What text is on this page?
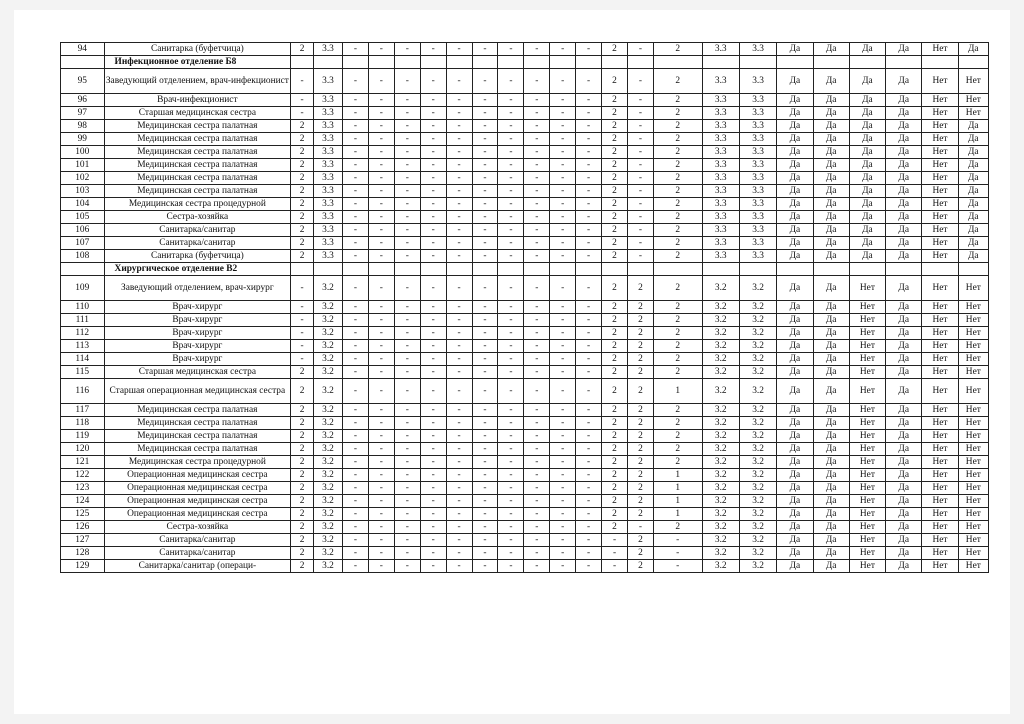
94	Санитарка (буфетчица)	2	3.3	-	-	-	-	-	-	-	-	-	-	2	-	2	3.3	3.3	Да	Да	Да	Да	Нет	Да
	Инфекционное отделение Б8																							
95	Заведующий отделением, врач-инфекционист	-	3.3	-	-	-	-	-	-	-	-	-	-	2	-	2	3.3	3.3	Да	Да	Да	Да	Нет	Нет
96	Врач-инфекционист	-	3.3	-	-	-	-	-	-	-	-	-	-	2	-	2	3.3	3.3	Да	Да	Да	Да	Нет	Нет
97	Старшая медицинская сестра	-	3.3	-	-	-	-	-	-	-	-	-	-	2	-	2	3.3	3.3	Да	Да	Да	Да	Нет	Нет
98	Медицинская сестра палатная	2	3.3	-	-	-	-	-	-	-	-	-	-	2	-	2	3.3	3.3	Да	Да	Да	Да	Нет	Да
99	Медицинская сестра палатная	2	3.3	-	-	-	-	-	-	-	-	-	-	2	-	2	3.3	3.3	Да	Да	Да	Да	Нет	Да
100	Медицинская сестра палатная	2	3.3	-	-	-	-	-	-	-	-	-	-	2	-	2	3.3	3.3	Да	Да	Да	Да	Нет	Да
101	Медицинская сестра палатная	2	3.3	-	-	-	-	-	-	-	-	-	-	2	-	2	3.3	3.3	Да	Да	Да	Да	Нет	Да
102	Медицинская сестра палатная	2	3.3	-	-	-	-	-	-	-	-	-	-	2	-	2	3.3	3.3	Да	Да	Да	Да	Нет	Да
103	Медицинская сестра палатная	2	3.3	-	-	-	-	-	-	-	-	-	-	2	-	2	3.3	3.3	Да	Да	Да	Да	Нет	Да
104	Медицинская сестра процедурной	2	3.3	-	-	-	-	-	-	-	-	-	-	2	-	2	3.3	3.3	Да	Да	Да	Да	Нет	Да
105	Сестра-хозяйка	2	3.3	-	-	-	-	-	-	-	-	-	-	2	-	2	3.3	3.3	Да	Да	Да	Да	Нет	Да
106	Санитарка/санитар	2	3.3	-	-	-	-	-	-	-	-	-	-	2	-	2	3.3	3.3	Да	Да	Да	Да	Нет	Да
107	Санитарка/санитар	2	3.3	-	-	-	-	-	-	-	-	-	-	2	-	2	3.3	3.3	Да	Да	Да	Да	Нет	Да
108	Санитарка (буфетчица)	2	3.3	-	-	-	-	-	-	-	-	-	-	2	-	2	3.3	3.3	Да	Да	Да	Да	Нет	Да
	Хирургическое отделение В2																							
109	Заведующий отделением, врач-хирург	-	3.2	-	-	-	-	-	-	-	-	-	-	2	2	2	3.2	3.2	Да	Да	Нет	Да	Нет	Нет
110	Врач-хирург	-	3.2	-	-	-	-	-	-	-	-	-	-	2	2	2	3.2	3.2	Да	Да	Нет	Да	Нет	Нет
111	Врач-хирург	-	3.2	-	-	-	-	-	-	-	-	-	-	2	2	2	3.2	3.2	Да	Да	Нет	Да	Нет	Нет
112	Врач-хирург	-	3.2	-	-	-	-	-	-	-	-	-	-	2	2	2	3.2	3.2	Да	Да	Нет	Да	Нет	Нет
113	Врач-хирург	-	3.2	-	-	-	-	-	-	-	-	-	-	2	2	2	3.2	3.2	Да	Да	Нет	Да	Нет	Нет
114	Врач-хирург	-	3.2	-	-	-	-	-	-	-	-	-	-	2	2	2	3.2	3.2	Да	Да	Нет	Да	Нет	Нет
115	Старшая медицинская сестра	2	3.2	-	-	-	-	-	-	-	-	-	-	2	2	2	3.2	3.2	Да	Да	Нет	Да	Нет	Нет
116	Старшая операционная медицинская сестра	2	3.2	-	-	-	-	-	-	-	-	-	-	2	2	1	3.2	3.2	Да	Да	Нет	Да	Нет	Нет
117	Медицинская сестра палатная	2	3.2	-	-	-	-	-	-	-	-	-	-	2	2	2	3.2	3.2	Да	Да	Нет	Да	Нет	Нет
118	Медицинская сестра палатная	2	3.2	-	-	-	-	-	-	-	-	-	-	2	2	2	3.2	3.2	Да	Да	Нет	Да	Нет	Нет
119	Медицинская сестра палатная	2	3.2	-	-	-	-	-	-	-	-	-	-	2	2	2	3.2	3.2	Да	Да	Нет	Да	Нет	Нет
120	Медицинская сестра палатная	2	3.2	-	-	-	-	-	-	-	-	-	-	2	2	2	3.2	3.2	Да	Да	Нет	Да	Нет	Нет
121	Медицинская сестра процедурной	2	3.2	-	-	-	-	-	-	-	-	-	-	2	2	2	3.2	3.2	Да	Да	Нет	Да	Нет	Нет
122	Операционная медицинская сестра	2	3.2	-	-	-	-	-	-	-	-	-	-	2	2	1	3.2	3.2	Да	Да	Нет	Да	Нет	Нет
123	Операционная медицинская сестра	2	3.2	-	-	-	-	-	-	-	-	-	-	2	2	1	3.2	3.2	Да	Да	Нет	Да	Нет	Нет
124	Операционная медицинская сестра	2	3.2	-	-	-	-	-	-	-	-	-	-	2	2	1	3.2	3.2	Да	Да	Нет	Да	Нет	Нет
125	Операционная медицинская сестра	2	3.2	-	-	-	-	-	-	-	-	-	-	2	2	1	3.2	3.2	Да	Да	Нет	Да	Нет	Нет
126	Сестра-хозяйка	2	3.2	-	-	-	-	-	-	-	-	-	-	2	-	2	3.2	3.2	Да	Да	Нет	Да	Нет	Нет
127	Санитарка/санитар	2	3.2	-	-	-	-	-	-	-	-	-	-	-	2	-	3.2	3.2	Да	Да	Нет	Да	Нет	Нет
128	Санитарка/санитар	2	3.2	-	-	-	-	-	-	-	-	-	-	-	2	-	3.2	3.2	Да	Да	Нет	Да	Нет	Нет
129	Санитарка/санитар (операци-	2	3.2	-	-	-	-	-	-	-	-	-	-	-	2	-	3.2	3.2	Да	Да	Нет	Да	Нет	Нет
